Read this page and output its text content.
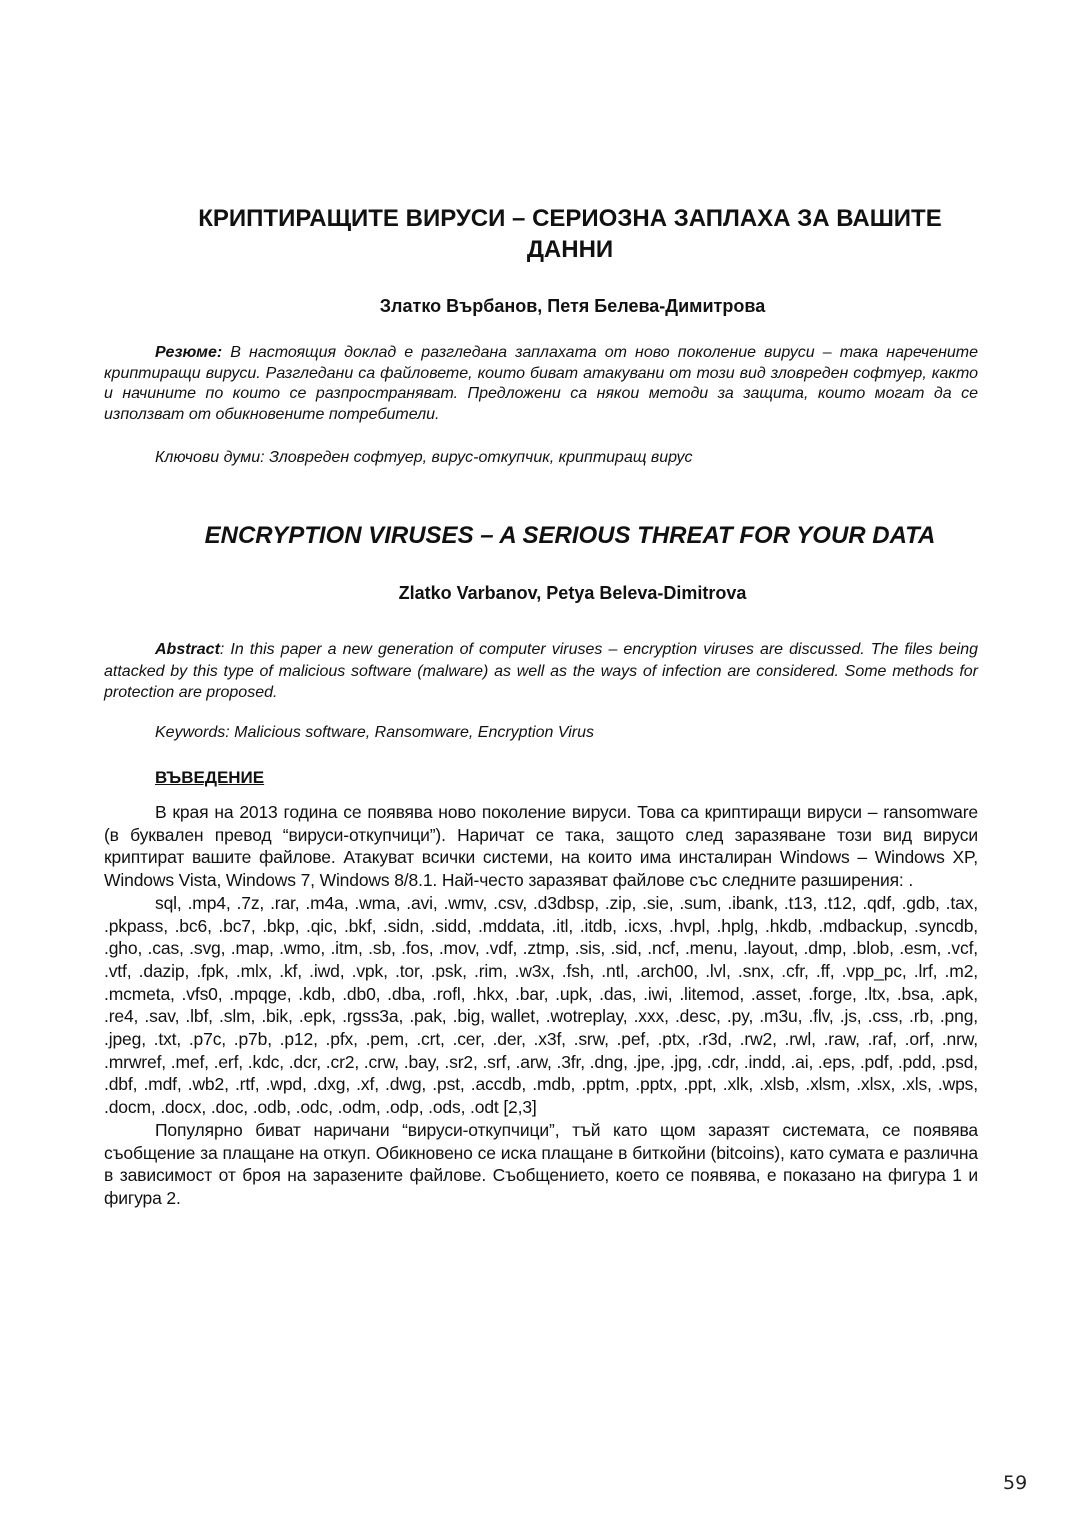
КРИПТИРАЩИТЕ ВИРУСИ – СЕРИОЗНА ЗАПЛАХА ЗА ВАШИТЕ ДАННИ

Златко Върбанов, Петя Белева-Димитрова

Резюме: В настоящия доклад е разгледана заплахата от ново поколение вируси – така наречените криптиращи вируси. Разгледани са файловете, които биват атакувани от този вид зловреден софтуер, както и начините по които се разпространяват. Предложени са някои методи за защита, които могат да се използват от обикновените потребители.

Ключови думи: Зловреден софтуер, вирус-откупчик, криптиращ вирус

ENCRYPTION VIRUSES – A SERIOUS THREAT FOR YOUR DATA

Zlatko Varbanov, Petya Beleva-Dimitrova

Abstract: In this paper a new generation of computer viruses – encryption viruses are discussed. The files being attacked by this type of malicious software (malware) as well as the ways of infection are considered. Some methods for protection are proposed.

Keywords: Malicious software, Ransomware, Encryption Virus

ВЪВЕДЕНИЕ

В края на 2013 година се появява ново поколение вируси. Това са криптиращи вируси – ransomware (в буквален превод “вируси-откупчици”). Наричат се така, защото след заразяване този вид вируси криптират вашите файлове. Атакуват всички системи, на които има инсталиран Windows – Windows XP, Windows Vista, Windows 7, Windows 8/8.1. Най-често заразяват файлове със следните разширения: .

sql, .mp4, .7z, .rar, .m4a, .wma, .avi, .wmv, .csv, .d3dbsp, .zip, .sie, .sum, .ibank, .t13, .t12, .qdf, .gdb, .tax, .pkpass, .bc6, .bc7, .bkp, .qic, .bkf, .sidn, .sidd, .mddata, .itl, .itdb, .icxs, .hvpl, .hplg, .hkdb, .mdbackup, .syncdb, .gho, .cas, .svg, .map, .wmo, .itm, .sb, .fos, .mov, .vdf, .ztmp, .sis, .sid, .ncf, .menu, .layout, .dmp, .blob, .esm, .vcf, .vtf, .dazip, .fpk, .mlx, .kf, .iwd, .vpk, .tor, .psk, .rim, .w3x, .fsh, .ntl, .arch00, .lvl, .snx, .cfr, .ff, .vpp_pc, .lrf, .m2, .mcmeta, .vfs0, .mpqge, .kdb, .db0, .dba, .rofl, .hkx, .bar, .upk, .das, .iwi, .litemod, .asset, .forge, .ltx, .bsa, .apk, .re4, .sav, .lbf, .slm, .bik, .epk, .rgss3a, .pak, .big, wallet, .wotreplay, .xxx, .desc, .py, .m3u, .flv, .js, .css, .rb, .png, .jpeg, .txt, .p7c, .p7b, .p12, .pfx, .pem, .crt, .cer, .der, .x3f, .srw, .pef, .ptx, .r3d, .rw2, .rwl, .raw, .raf, .orf, .nrw, .mrwref, .mef, .erf, .kdc, .dcr, .cr2, .crw, .bay, .sr2, .srf, .arw, .3fr, .dng, .jpe, .jpg, .cdr, .indd, .ai, .eps, .pdf, .pdd, .psd, .dbf, .mdf, .wb2, .rtf, .wpd, .dxg, .xf, .dwg, .pst, .accdb, .mdb, .pptm, .pptx, .ppt, .xlk, .xlsb, .xlsm, .xlsx, .xls, .wps, .docm, .docx, .doc, .odb, .odc, .odm, .odp, .ods, .odt [2,3]

Популярно биват наричани “вируси-откупчици”, тъй като щом заразят системата, се появява съобщение за плащане на откуп. Обикновено се иска плащане в биткойни (bitcoins), като сумата е различна в зависимост от броя на заразените файлове. Съобщението, което се появява, е показано на фигура 1 и фигура 2.

59
